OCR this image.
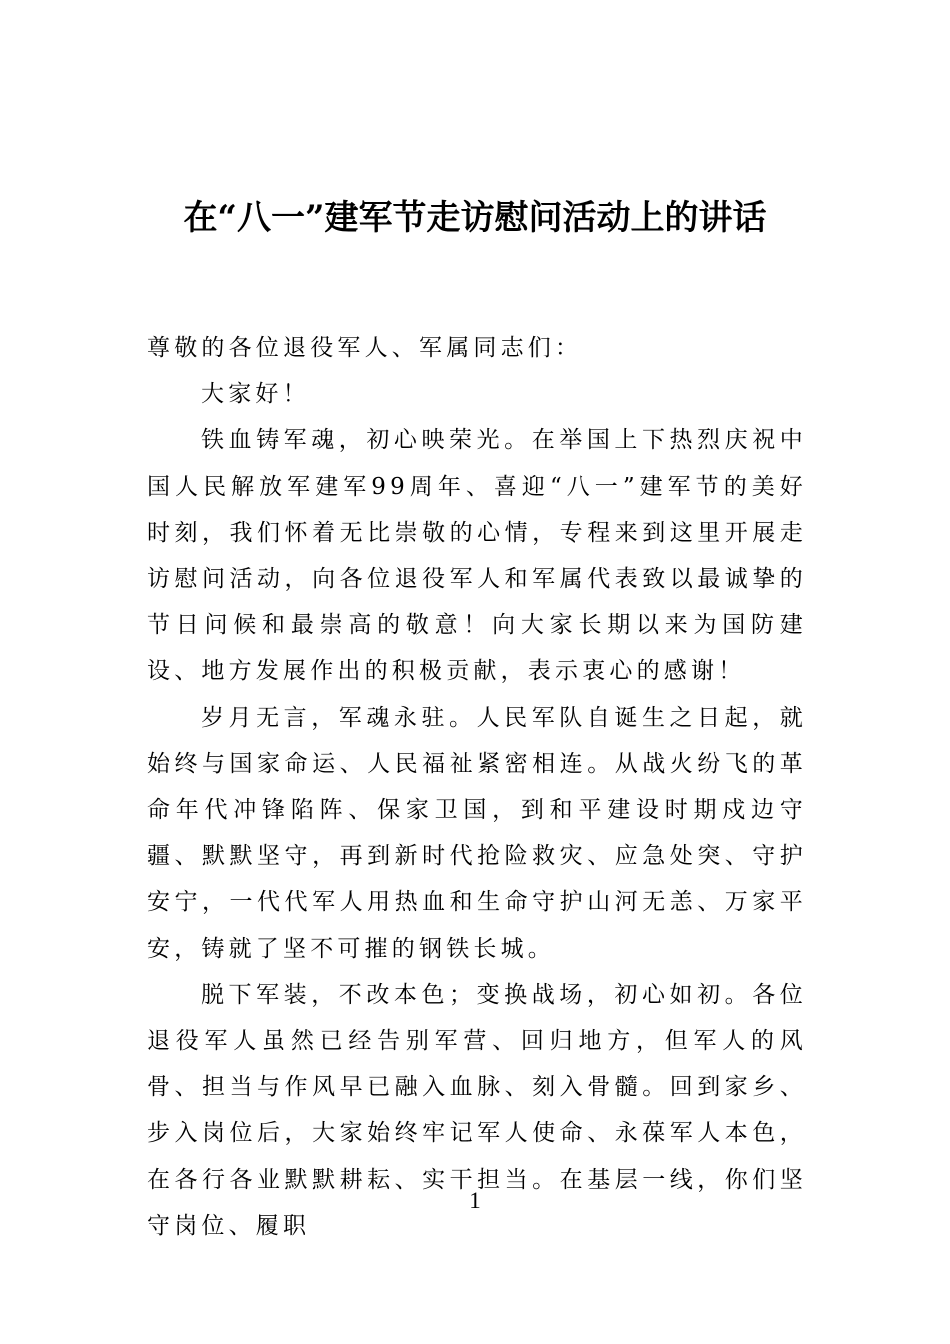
在“八一”建军节走访慰问活动上的讲话

尊敬的各位退役军人、军属同志们：

大家好！

铁血铸军魂，初心映荣光。在举国上下热烈庆祝中国人民解放军建军99周年、喜迎“八一”建军节的美好时刻，我们怀着无比崇敬的心情，专程来到这里开展走访慰问活动，向各位退役军人和军属代表致以最诚挚的节日问候和最崇高的敬意！向大家长期以来为国防建设、地方发展作出的积极贡献，表示衷心的感谢！

岁月无言，军魂永驻。人民军队自诞生之日起，就始终与国家命运、人民福祉紧密相连。从战火纷飞的革命年代冲锋陷阵、保家卫国，到和平建设时期戍边守疆、默默坚守，再到新时代抢险救灾、应急处突、守护安宁，一代代军人用热血和生命守护山河无恙、万家平安，铸就了坚不可摧的钢铁长城。

脱下军装，不改本色；变换战场，初心如初。各位退役军人虽然已经告别军营、回归地方，但军人的风骨、担当与作风早已融入血脉、刻入骨髓。回到家乡、步入岗位后，大家始终牢记军人使命、永葆军人本色，在各行各业默默耕耘、实干担当。在基层一线，你们坚守岗位、履职

1
